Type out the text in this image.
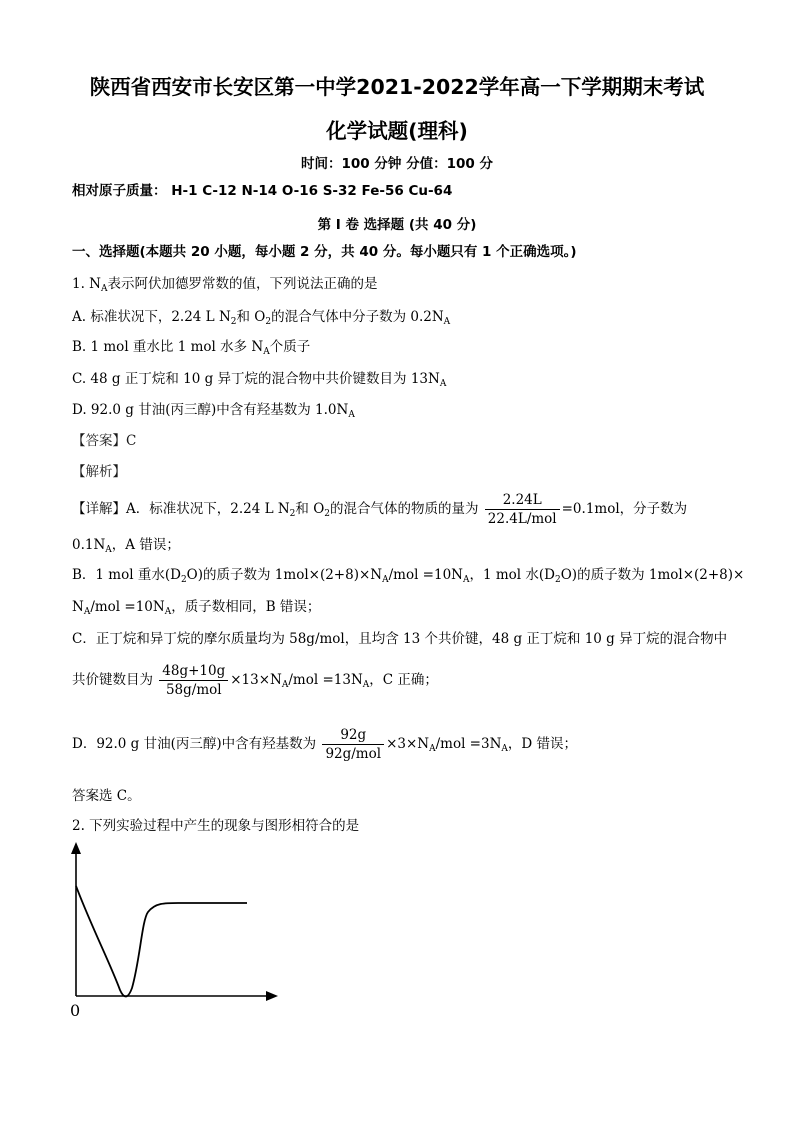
陕西省西安市长安区第一中学2021-2022学年高一下学期期末考试
化学试题(理科)
时间：100 分钟 分值：100 分
相对原子质量： H-1 C-12 N-14 O-16 S-32 Fe-56 Cu-64
第 I 卷 选择题 (共 40 分)
一、选择题(本题共 20 小题，每小题 2 分，共 40 分。每小题只有 1 个正确选项。)
1. $N_A$表示阿伏加德罗常数的值，下列说法正确的是
A. 标准状况下，2.24 L $N_2$和 $O_2$的混合气体中分子数为 $0.2N_A$
B. 1 mol 重水比 1 mol 水多 $N_A$个质子
C. 48 g 正丁烷和 10 g 异丁烷的混合物中共价键数目为 $13N_A$
D. 92.0 g 甘油(丙三醇)中含有羟基数为 $1.0N_A$
【答案】C
【解析】
【详解】A．标准状况下，2.24 L $N_2$和 $O_2$的混合气体的物质的量为 $\frac{2.24L}{\text{22.4L/mol}} =0.1mol$，分子数为
$0.1N_A$，A 错误；
B．1 mol 重水$(D_2O)$的质子数为 $1mol\times(2+8)\times N_A$/mol $=10N_A$，1 mol 水$(D_2O)$的质子数为 1mol×(2+8)×
$N_A$/mol $=10N_A$，质子数相同，B 错误；
C．正丁烷和异丁烷的摩尔质量均为 58g/mol，且均含 13 个共价键，48 g 正丁烷和 10 g 异丁烷的混合物中
共价键数目为 $\frac{48g+10g}{\text{58g/mol}} \times 13\times N_A/mol =13N_A$，C 正确；
D．92.0 g 甘油(丙三醇)中含有羟基数为 $\frac{92g}{\text{92g/mol}} \times 3\times N_A/mol =3N_A$，D 错误；
答案选 C。
2. 下列实验过程中产生的现象与图形相符合的是
0
